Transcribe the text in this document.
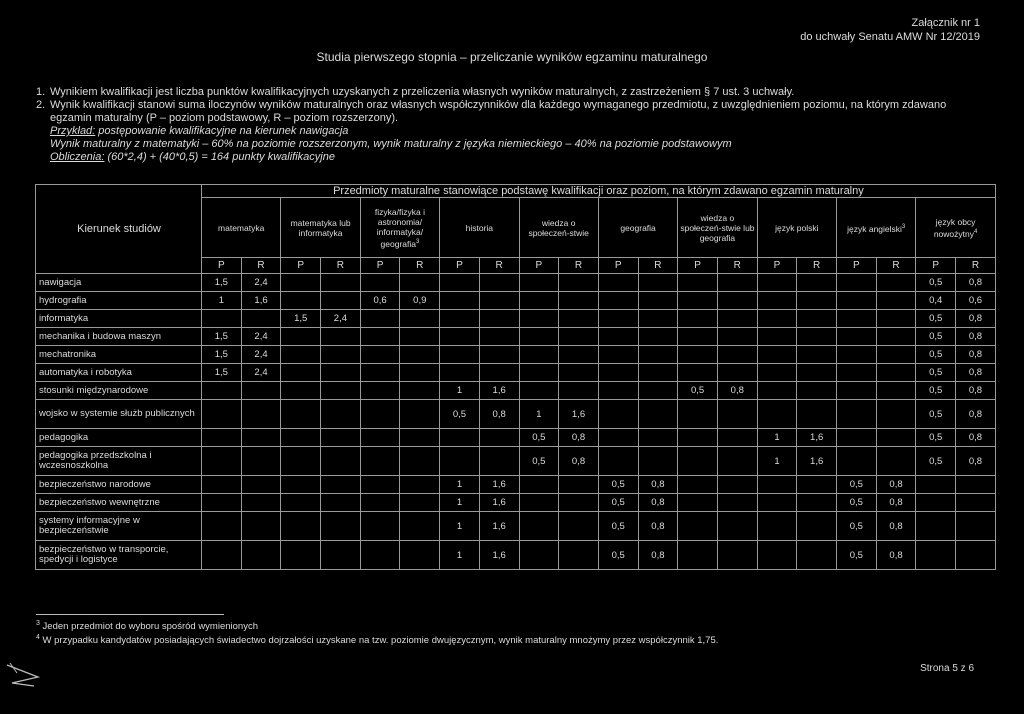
Załącznik nr 1
do uchwały Senatu AMW Nr 12/2019
Studia pierwszego stopnia – przeliczanie wyników egzaminu maturalnego

1. Wynikiem kwalifikacji jest liczba punktów kwalifikacyjnych uzyskanych z przeliczenia własnych wyników maturalnych, z zastrzeżeniem § 7 ust. 3 uchwały.

2. Wynik kwalifikacji stanowi suma iloczynów wyników maturalnych oraz własnych współczynników dla każdego wymaganego przedmiotu, z uwzględnieniem poziomu, na którym zdawano egzamin maturalny (P – poziom podstawowy, R – poziom rozszerzony).

Przykład: postępowanie kwalifikacyjne na kierunek nawigacja
Wynik maturalny z matematyki – 60% na poziomie rozszerzonym, wynik maturalny z języka niemieckiego – 40% na poziomie podstawowym
Obliczenia: (60*2,4) + (40*0,5) = 164 punkty kwalifikacyjne
Kierunek studiów	Przedmioty maturalne stanowiące podstawę kwalifikacji oraz poziom, na którym zdawano egzamin maturalny																			
	matematyka		matematyka lub informatyka		fizyka/fizyka i astronomia/ informatyka/ geografia$^3$		historia		wiedza o społeczeń-stwie		geografia		wiedza o społeczeń-stwie lub geografia		język polski		język angielski$^3$		język obcy nowożytny$^4$
	P	R	P	R	P	R	P	R	P	R	P	R	P	R	P	R	P	R	P	R
nawigacja	1,5	2,4																	0,5	0,8
hydrografia	1	1,6			0,6	0,9													0,4	0,6
informatyka			1,5	2,4															0,5	0,8
mechanika i budowa maszyn	1,5	2,4																	0,5	0,8
mechatronika	1,5	2,4																	0,5	0,8
automatyka i robotyka	1,5	2,4																	0,5	0,8
stosunki międzynarodowe							1	1,6					0,5	0,8					0,5	0,8
wojsko w systemie służb publicznych							0,5	0,8	1	1,6									0,5	0,8
pedagogika									0,5	0,8					1	1,6			0,5	0,8
pedagogika przedszkolna i wczesnoszkolna									0,5	0,8					1	1,6			0,5	0,8
bezpieczeństwo narodowe							1	1,6			0,5	0,8					0,5	0,8		
bezpieczeństwo wewnętrzne							1	1,6			0,5	0,8					0,5	0,8		
systemy informacyjne w bezpieczeństwie							1	1,6			0,5	0,8					0,5	0,8		
bezpieczeństwo w transporcie, spedycji i logistyce							1	1,6			0,5	0,8					0,5	0,8		
$^3$ Jeden przedmiot do wyboru spośród wymienionych
$^4$ W przypadku kandydatów posiadających świadectwo dojrzałości uzyskane na tzw. poziomie dwujęzycznym, wynik maturalny mnożymy przez współczynnik 1,75.
Strona 5 z 6
